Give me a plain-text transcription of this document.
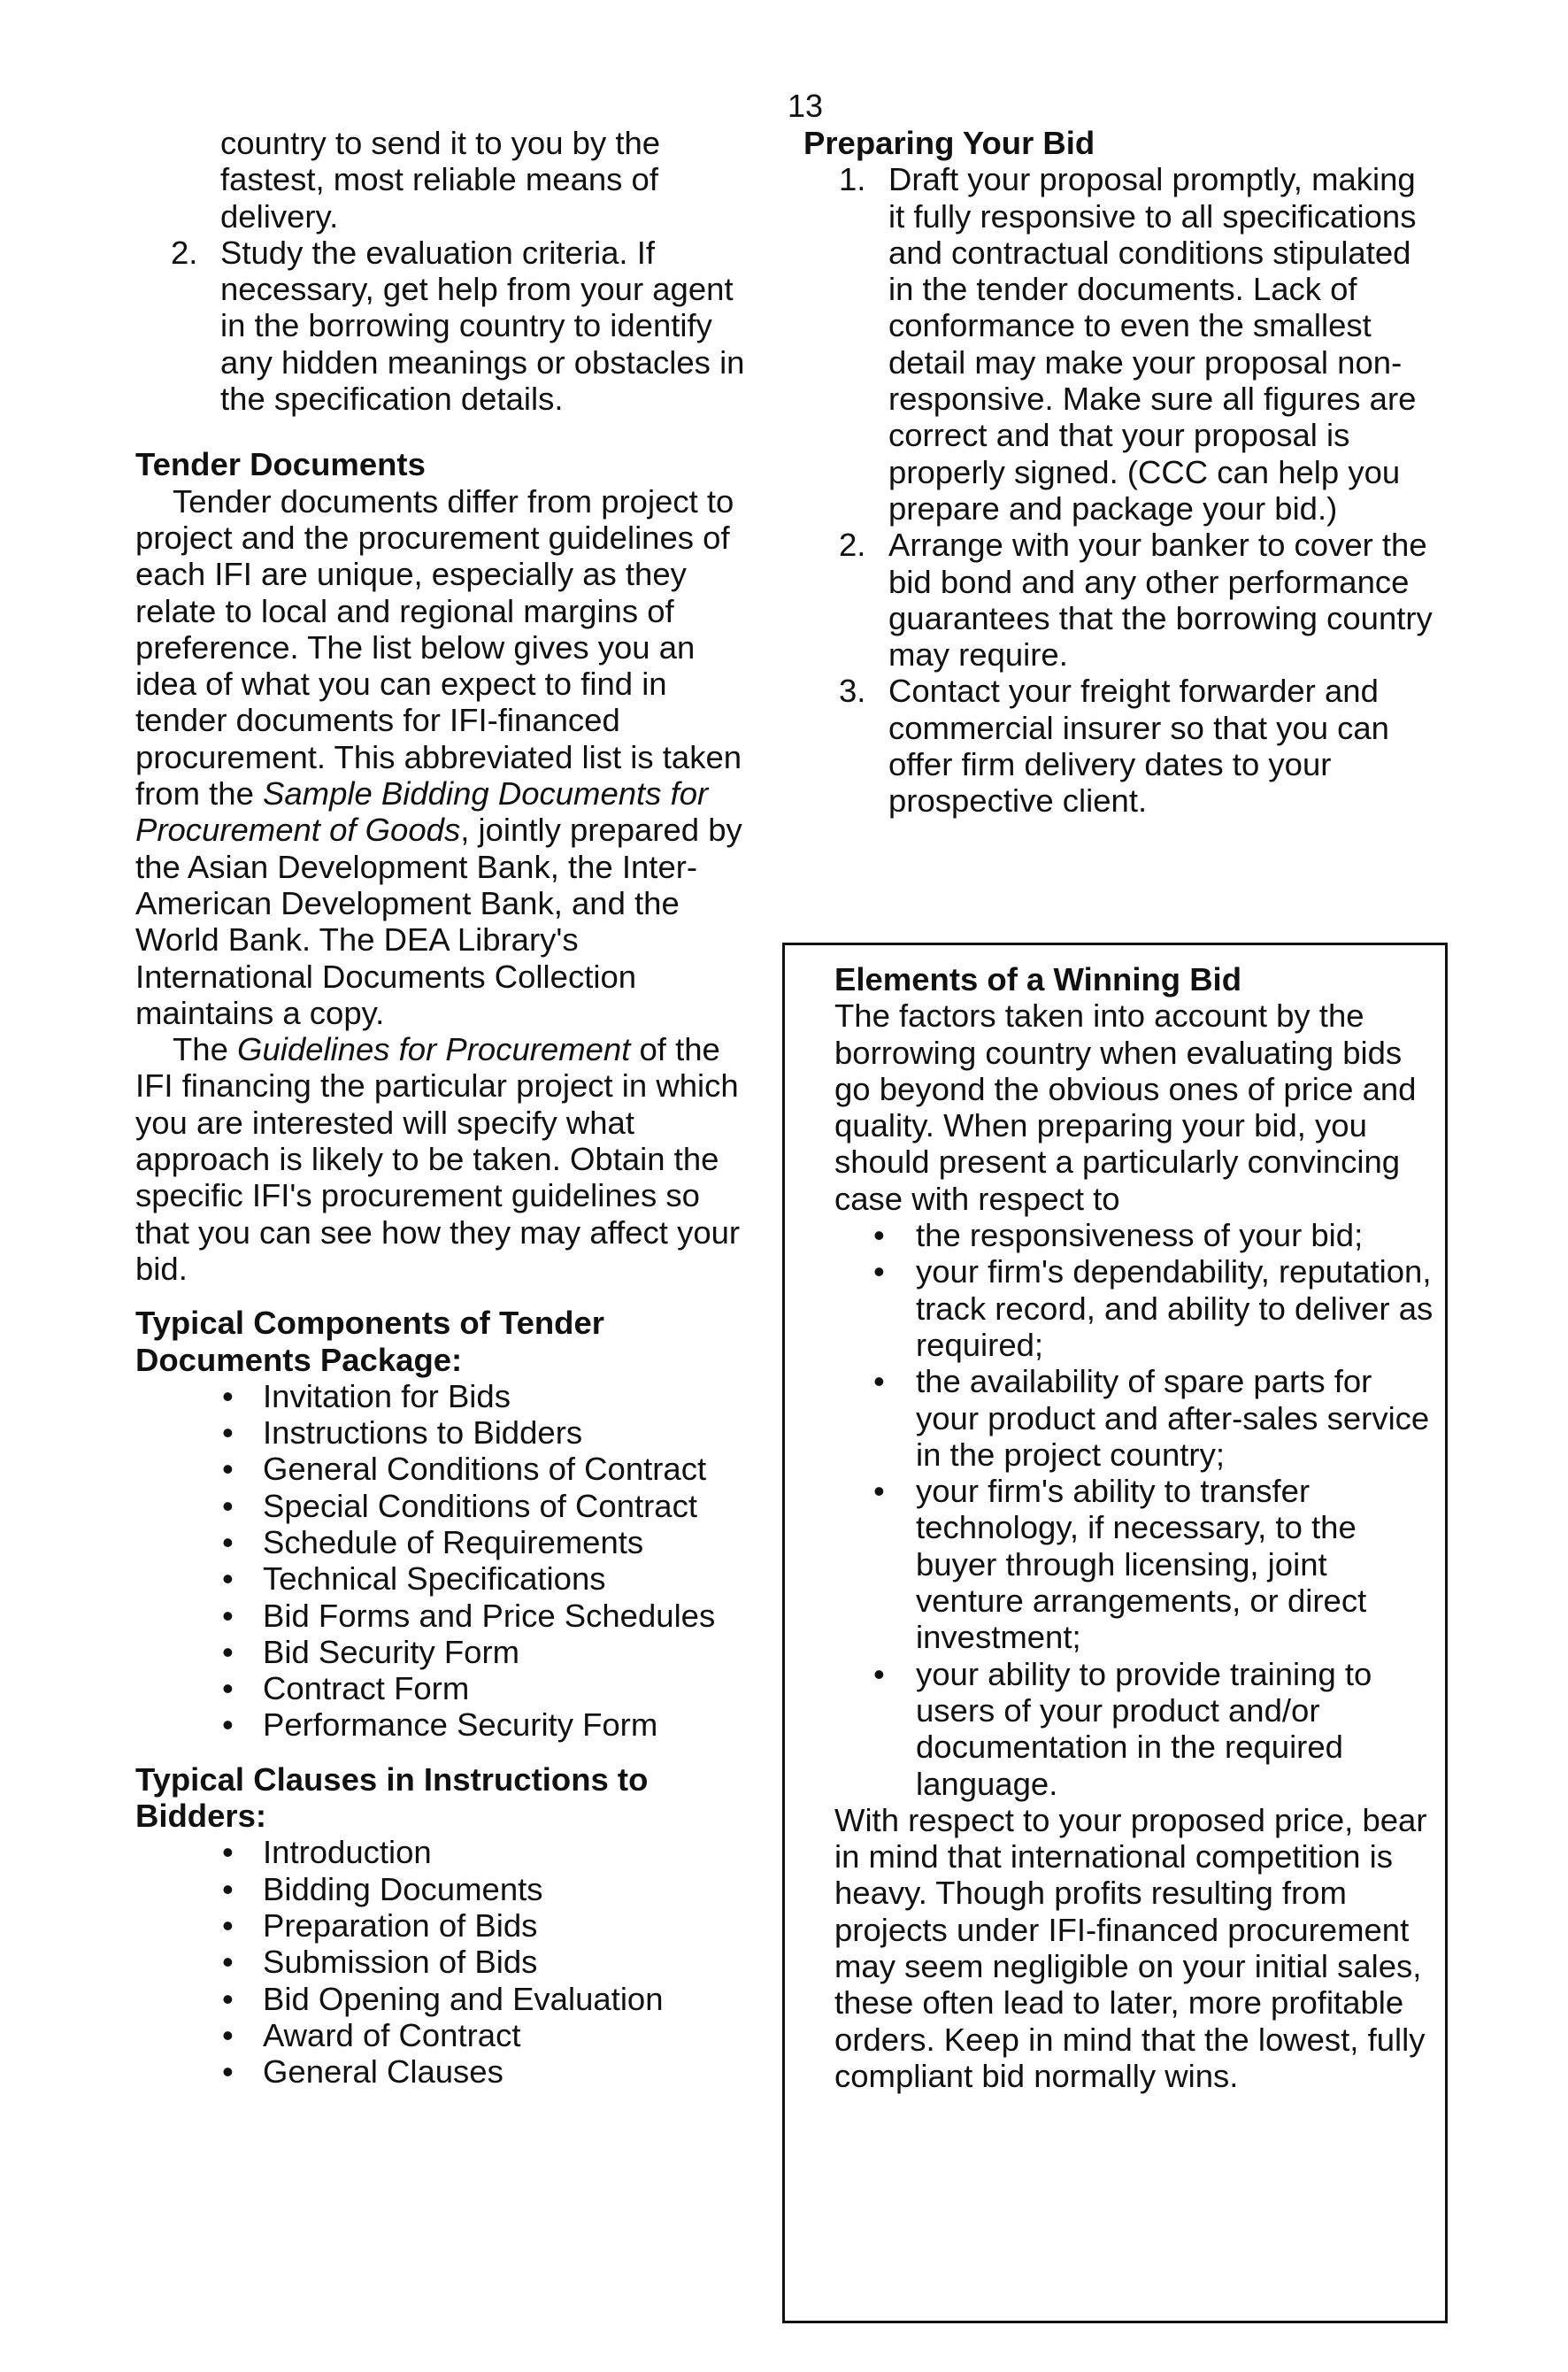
13
country to send it to you by the fastest, most reliable means of delivery.
2. Study the evaluation criteria. If necessary, get help from your agent in the borrowing country to identify any hidden meanings or obstacles in the specification details.

Tender Documents

Tender documents differ from project to project and the procurement guidelines of each IFI are unique, especially as they relate to local and regional margins of preference. The list below gives you an idea of what you can expect to find in tender documents for IFI-financed procurement. This abbreviated list is taken from the Sample Bidding Documents for Procurement of Goods, jointly prepared by the Asian Development Bank, the Inter-American Development Bank, and the World Bank. The DEA Library's International Documents Collection maintains a copy.

The Guidelines for Procurement of the IFI financing the particular project in which you are interested will specify what approach is likely to be taken. Obtain the specific IFI's procurement guidelines so that you can see how they may affect your bid.

Typical Components of Tender Documents Package:

• Invitation for Bids
• Instructions to Bidders
• General Conditions of Contract
• Special Conditions of Contract
• Schedule of Requirements
• Technical Specifications
• Bid Forms and Price Schedules
• Bid Security Form
• Contract Form
• Performance Security Form

Typical Clauses in Instructions to Bidders:

• Introduction
• Bidding Documents
• Preparation of Bids
• Submission of Bids
• Bid Opening and Evaluation
• Award of Contract
• General Clauses

Preparing Your Bid

1. Draft your proposal promptly, making it fully responsive to all specifications and contractual conditions stipulated in the tender documents. Lack of conformance to even the smallest detail may make your proposal non-responsive. Make sure all figures are correct and that your proposal is properly signed. (CCC can help you prepare and package your bid.)
2. Arrange with your banker to cover the bid bond and any other performance guarantees that the borrowing country may require.
3. Contact your freight forwarder and commercial insurer so that you can offer firm delivery dates to your prospective client.

Elements of a Winning Bid

The factors taken into account by the borrowing country when evaluating bids go beyond the obvious ones of price and quality. When preparing your bid, you should present a particularly convincing case with respect to

• the responsiveness of your bid;
• your firm's dependability, reputation, track record, and ability to deliver as required;
• the availability of spare parts for your product and after-sales service in the project country;
• your firm's ability to transfer technology, if necessary, to the buyer through licensing, joint venture arrangements, or direct investment;
• your ability to provide training to users of your product and/or documentation in the required language.

With respect to your proposed price, bear in mind that international competition is heavy. Though profits resulting from projects under IFI-financed procurement may seem negligible on your initial sales, these often lead to later, more profitable orders. Keep in mind that the lowest, fully compliant bid normally wins.
